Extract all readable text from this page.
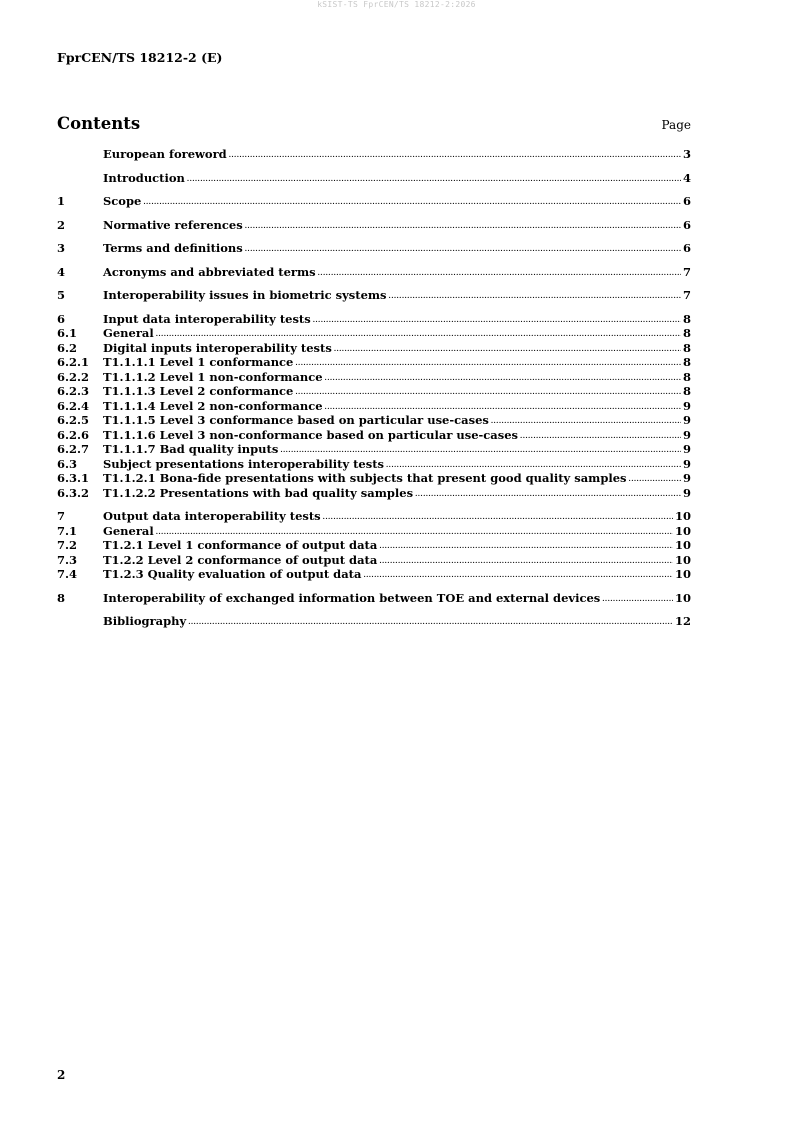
kSIST-TS FprCEN/TS 18212-2:2026
FprCEN/TS 18212-2 (E)
Contents	Page
European foreword .....	3
Introduction .....	4
1	Scope .....	6
2	Normative references .....	6
3	Terms and definitions .....	6
4	Acronyms and abbreviated terms .....	7
5	Interoperability issues in biometric systems .....	7
6	Input data interoperability tests .....	8
6.1	General .....	8
6.2	Digital inputs interoperability tests .....	8
6.2.1	T1.1.1.1 Level 1 conformance .....	8
6.2.2	T1.1.1.2 Level 1 non-conformance .....	8
6.2.3	T1.1.1.3 Level 2 conformance .....	8
6.2.4	T1.1.1.4 Level 2 non-conformance .....	9
6.2.5	T1.1.1.5 Level 3 conformance based on particular use-cases .....	9
6.2.6	T1.1.1.6 Level 3 non-conformance based on particular use-cases .....	9
6.2.7	T1.1.1.7 Bad quality inputs .....	9
6.3	Subject presentations interoperability tests .....	9
6.3.1	T1.1.2.1 Bona-fide presentations with subjects that present good quality samples .....	9
6.3.2	T1.1.2.2 Presentations with bad quality samples .....	9
7	Output data interoperability tests .....	10
7.1	General .....	10
7.2	T1.2.1 Level 1 conformance of output data .....	10
7.3	T1.2.2 Level 2 conformance of output data .....	10
7.4	T1.2.3 Quality evaluation of output data .....	10
8	Interoperability of exchanged information between TOE and external devices .....	10
Bibliography .....	12
2
